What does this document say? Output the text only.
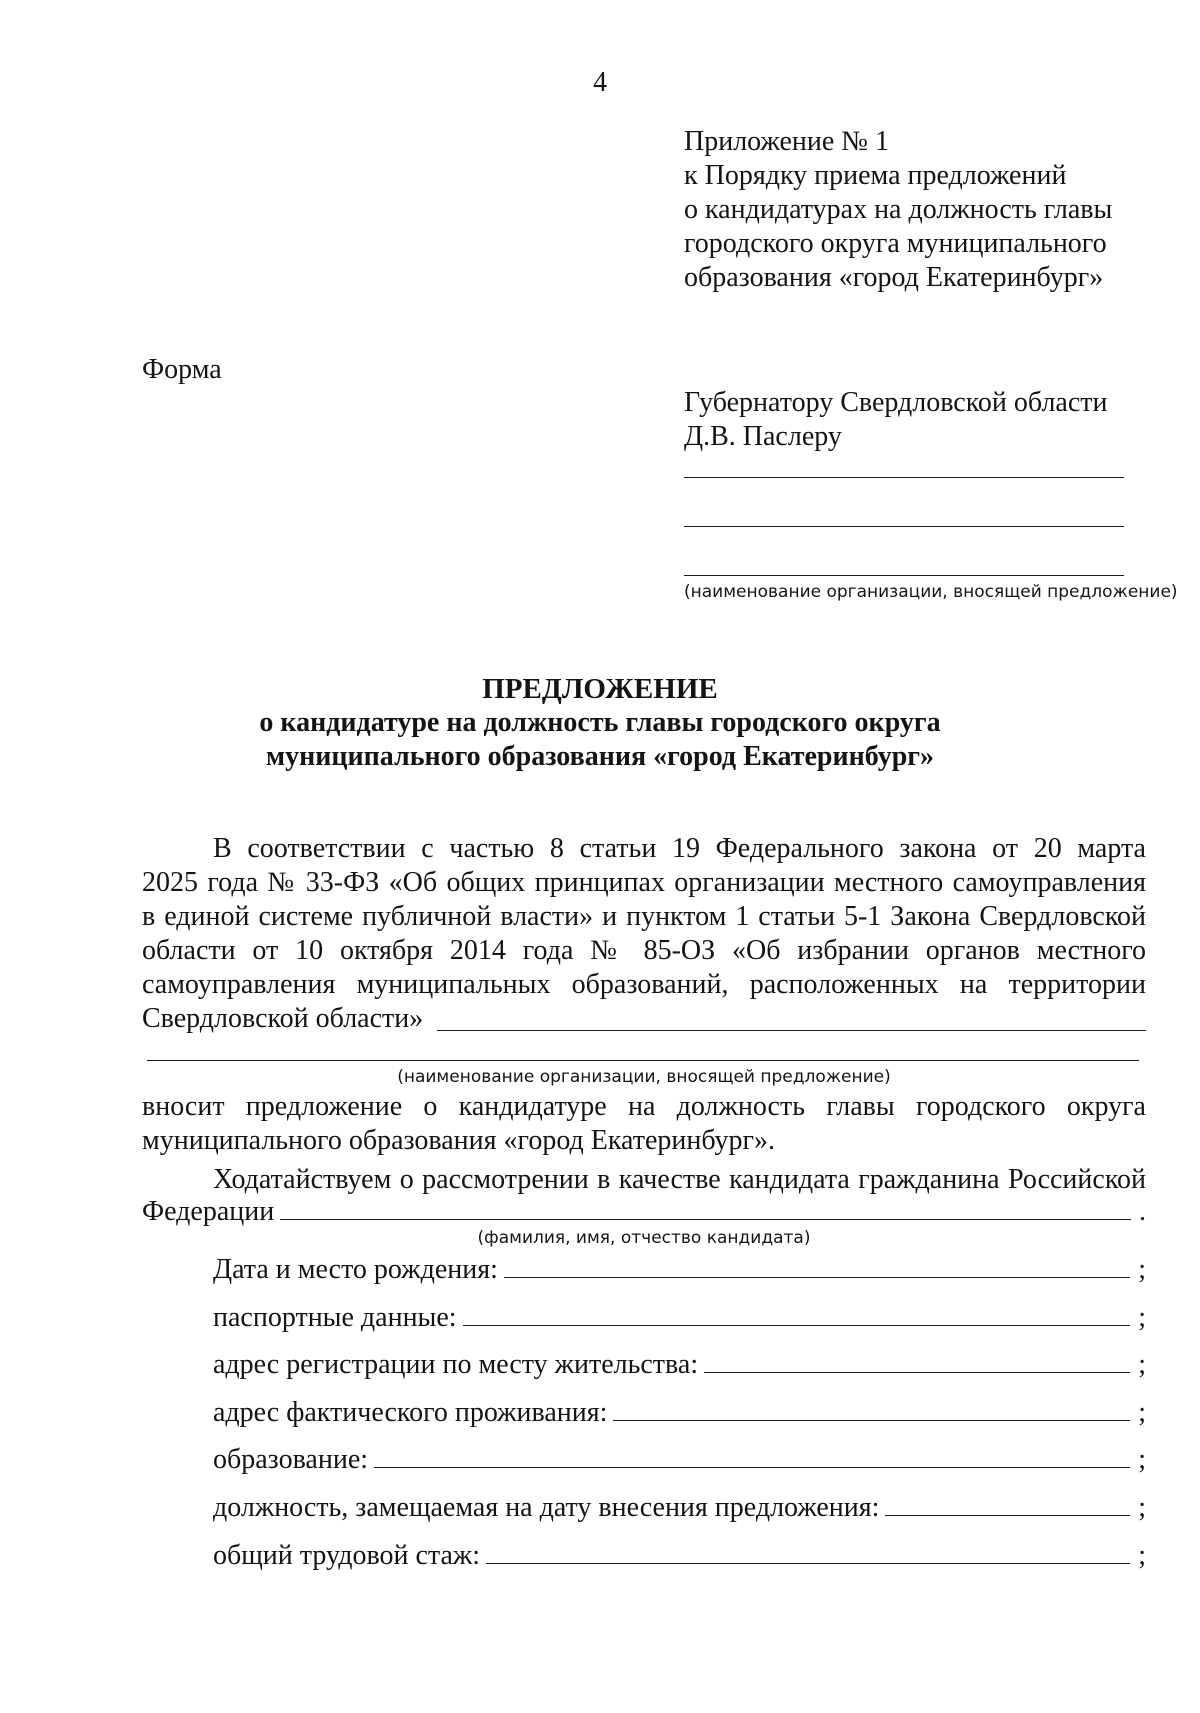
4
Приложение № 1
к Порядку приема предложений
о кандидатурах на должность главы
городского округа муниципального
образования «город Екатеринбург»
Форма
Губернатору Свердловской области
Д.В. Паслеру
(наименование организации, вносящей предложение)
ПРЕДЛОЖЕНИЕ
о кандидатуре на должность главы городского округа
муниципального образования «город Екатеринбург»
В соответствии с частью 8 статьи 19 Федерального закона от 20 марта
2025 года № 33-ФЗ «Об общих принципах организации местного самоуправления
в единой системе публичной власти» и пунктом 1 статьи 5-1 Закона Свердловской
области от 10 октября 2014 года № 85-ОЗ «Об избрании органов местного
самоуправления муниципальных образований, расположенных на территории
Свердловской области»
(наименование организации, вносящей предложение)
вносит предложение о кандидатуре на должность главы городского округа
муниципального образования «город Екатеринбург».
Ходатайствуем о рассмотрении в качестве кандидата гражданина Российской
Федерации	.
(фамилия, имя, отчество кандидата)
Дата и место рождения:	;
паспортные данные:	;
адрес регистрации по месту жительства:	;
адрес фактического проживания:	;
образование:	;
должность, замещаемая на дату внесения предложения:	;
общий трудовой стаж:	;
